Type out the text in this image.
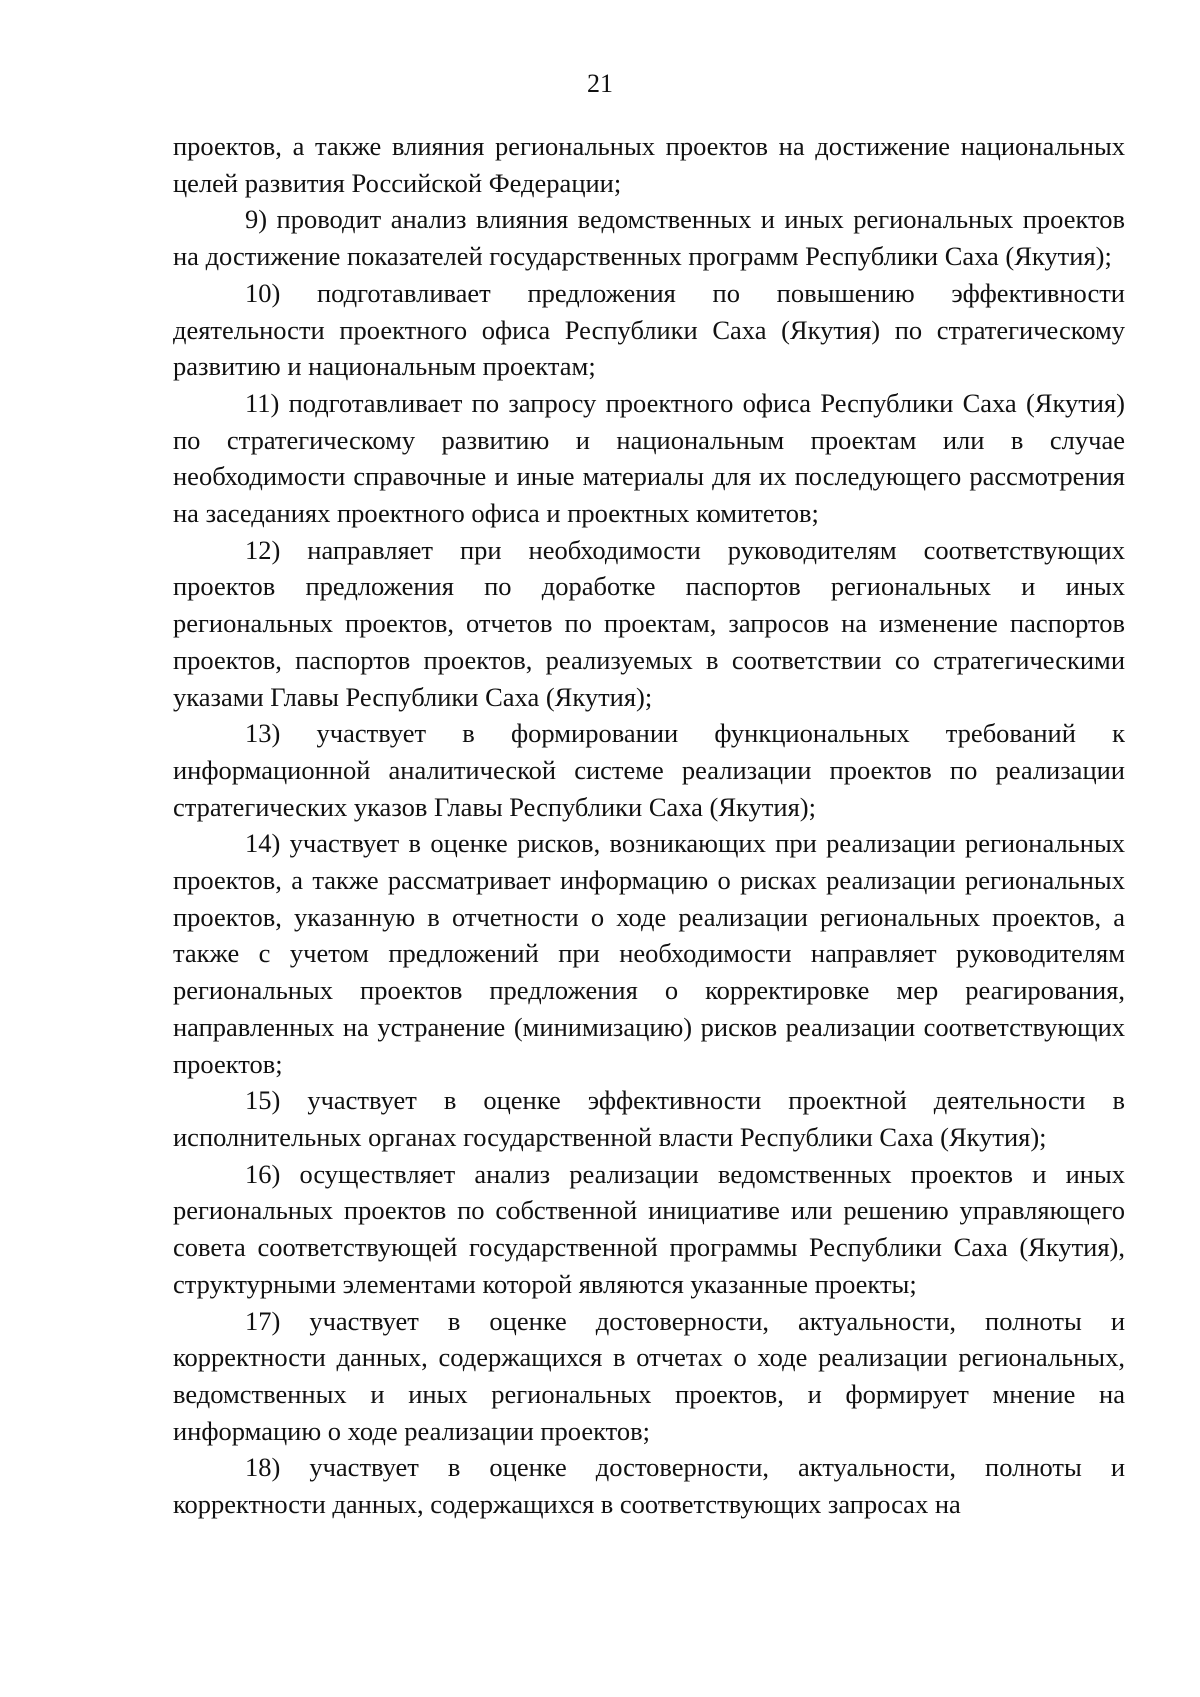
21

проектов, а также влияния региональных проектов на достижение национальных целей развития Российской Федерации;

9) проводит анализ влияния ведомственных и иных региональных проектов на достижение показателей государственных программ Республики Саха (Якутия);

10) подготавливает предложения по повышению эффективности деятельности проектного офиса Республики Саха (Якутия) по стратегическому развитию и национальным проектам;

11) подготавливает по запросу проектного офиса Республики Саха (Якутия) по стратегическому развитию и национальным проектам или в случае необходимости справочные и иные материалы для их последующего рассмотрения на заседаниях проектного офиса и проектных комитетов;

12) направляет при необходимости руководителям соответствующих проектов предложения по доработке паспортов региональных и иных региональных проектов, отчетов по проектам, запросов на изменение паспортов проектов, паспортов проектов, реализуемых в соответствии со стратегическими указами Главы Республики Саха (Якутия);

13) участвует в формировании функциональных требований к информационной аналитической системе реализации проектов по реализации стратегических указов Главы Республики Саха (Якутия);

14) участвует в оценке рисков, возникающих при реализации региональных проектов, а также рассматривает информацию о рисках реализации региональных проектов, указанную в отчетности о ходе реализации региональных проектов, а также с учетом предложений при необходимости направляет руководителям региональных проектов предложения о корректировке мер реагирования, направленных на устранение (минимизацию) рисков реализации соответствующих проектов;

15) участвует в оценке эффективности проектной деятельности в исполнительных органах государственной власти Республики Саха (Якутия);

16) осуществляет анализ реализации ведомственных проектов и иных региональных проектов по собственной инициативе или решению управляющего совета соответствующей государственной программы Республики Саха (Якутия), структурными элементами которой являются указанные проекты;

17) участвует в оценке достоверности, актуальности, полноты и корректности данных, содержащихся в отчетах о ходе реализации региональных, ведомственных и иных региональных проектов, и формирует мнение на информацию о ходе реализации проектов;

18) участвует в оценке достоверности, актуальности, полноты и корректности данных, содержащихся в соответствующих запросах на
